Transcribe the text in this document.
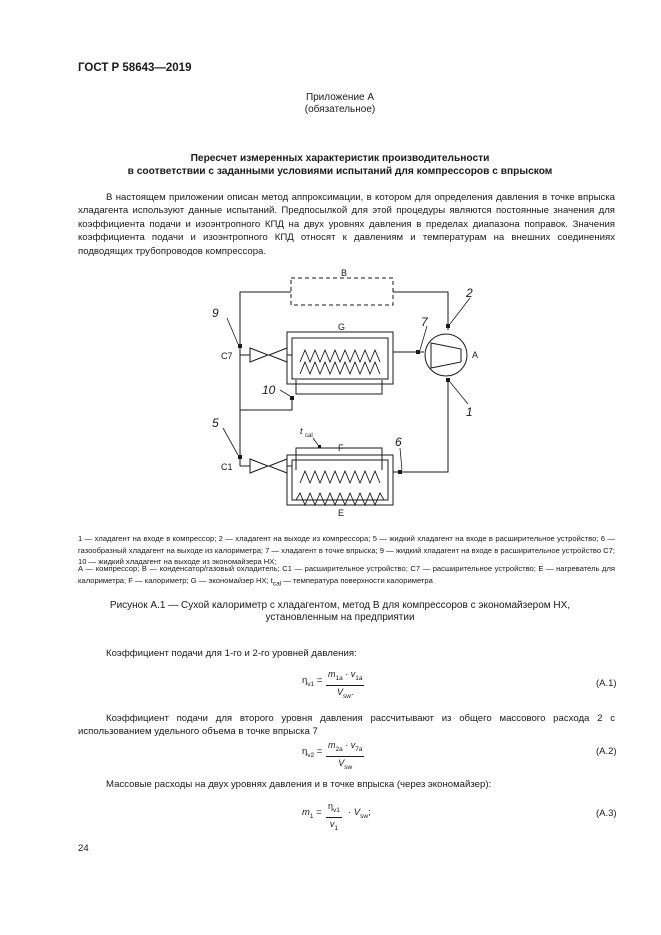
ГОСТ Р 58643—2019
Приложение А
(обязательное)
Пересчет измеренных характеристик производительности
в соответствии с заданными условиями испытаний для компрессоров с впрыском

В настоящем приложении описан метод аппроксимации, в котором для определения давления в точке впрыска хладагента используют данные испытаний. Предпосылкой для этой процедуры являются постоянные значения для коэффициента подачи и изоэнтропного КПД на двух уровнях давления в пределах диапазона поправок. Значения коэффициента подачи и изоэнтропного КПД относят к давлениям и температурам на внешних соединениях подводящих трубопроводов компрессора.

B
G
F
E
A
C7
C1
9
2
1
7
5
6
10
t cal

1 — хладагент на входе в компрессор; 2 — хладагент на выходе из компрессора; 5 — жидкий хладагент на входе в расширительное устройство; 6 — газообразный хладагент на выходе из калориметра; 7 — хладагент в точке впрыска; 9 — жидкий хладагент на входе в расширительное устройство С7; 10 — жидкий хладагент на выходе из экономайзера НХ;

А — компрессор; В — конденсатор/газовый охладитель; С1 — расширительное устройство; С7 — расширительное устройство; Е — нагреватель для калориметра; F — калориметр; G — экономайзер НХ; $t_{cal}$ — температура поверхности калориметра

Рисунок А.1 — Сухой калориметр с хладагентом, метод В для компрессоров с экономайзером НХ,
установленным на предприятии
Коэффициент подачи для 1-го и 2-го уровней давления:
$\eta_{v1}$ =
$m_{1a} \cdot v_{1a}$
$V_{sw}$.
(A.1)

Коэффициент подачи для второго уровня давления рассчитывают из общего массового расхода 2 с использованием удельного объема в точке впрыска 7

$\eta_{v2}$ =
$m_{2a} \cdot v_{7a}$
$V_{sw}$
(A.2)
Массовые расходы на двух уровнях давления и в точке впрыска (через экономайзер):
$m_1 = \frac{\eta_{v1}}{v_1} \cdot V_{sw}$;	(A.3)
24
